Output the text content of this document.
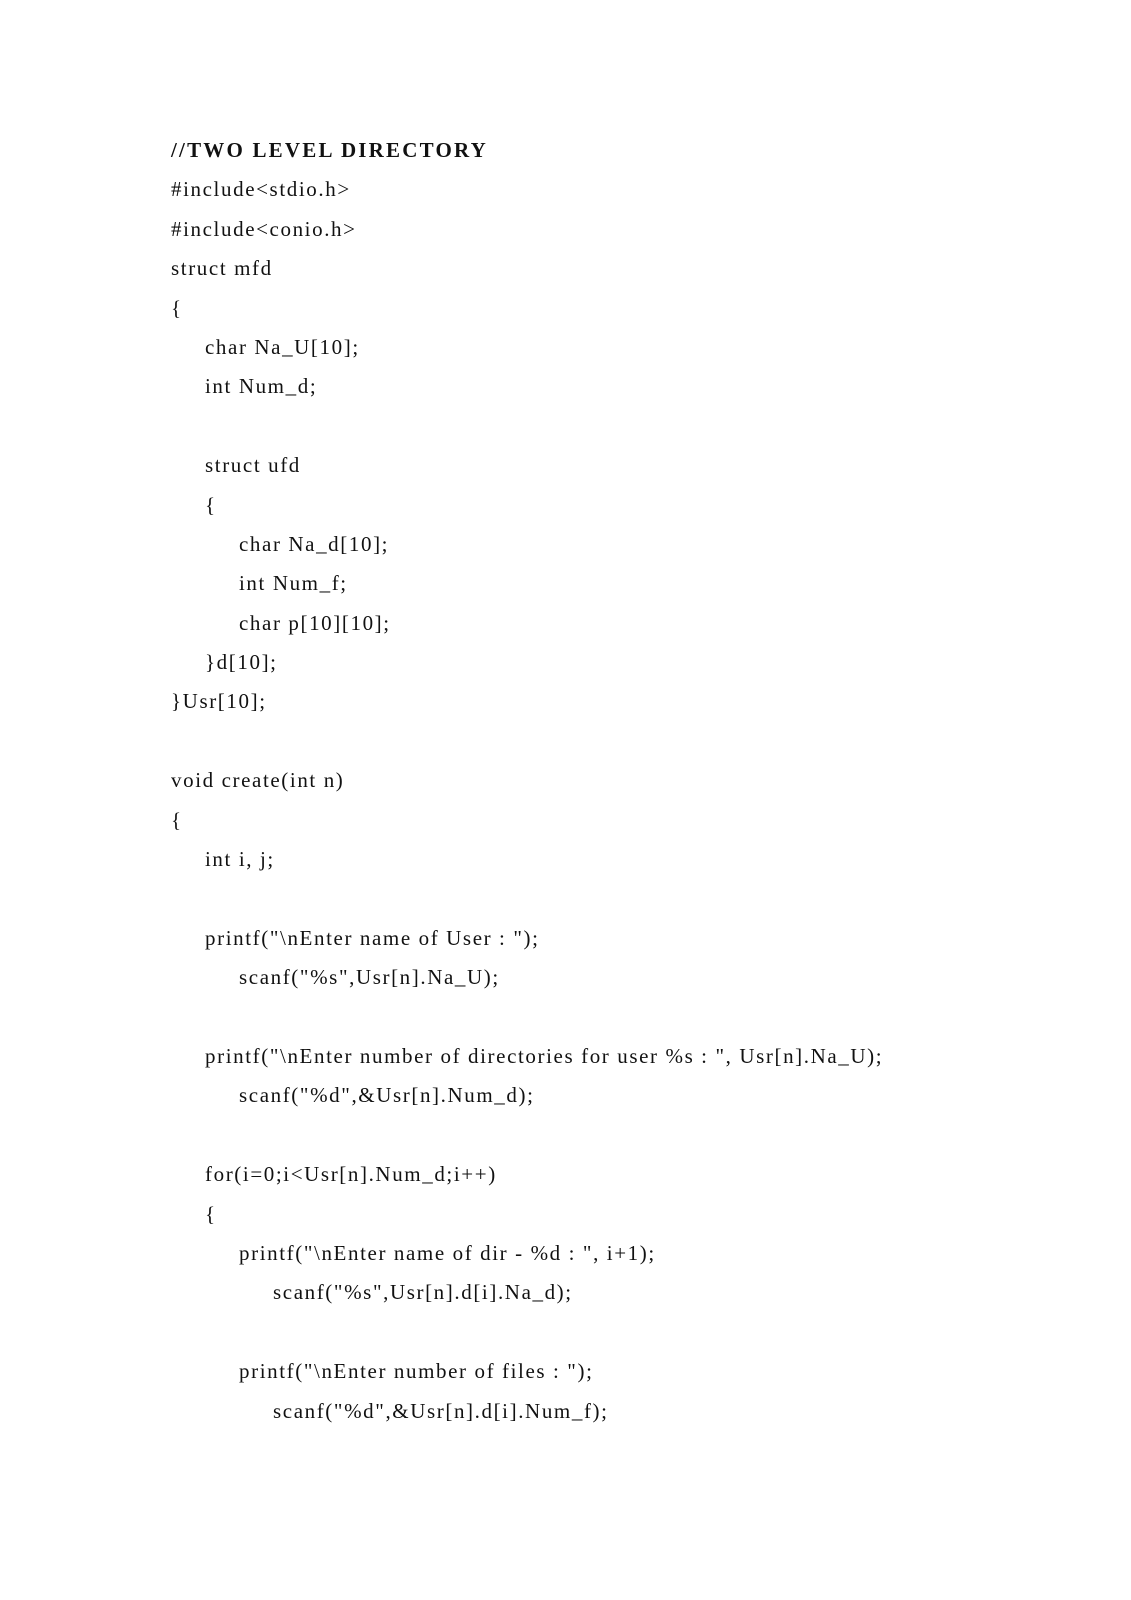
//TWO LEVEL DIRECTORY
#include<stdio.h>
#include<conio.h>
struct mfd
{
char Na_U[10];
int Num_d;
struct ufd
{
char Na_d[10];
int Num_f;
char p[10][10];
}d[10];
}Usr[10];
void create(int n)
{
int i, j;
printf("\nEnter name of User : ");
scanf("%s",Usr[n].Na_U);
printf("\nEnter number of directories for user %s : ", Usr[n].Na_U);
scanf("%d",&Usr[n].Num_d);
for(i=0;i<Usr[n].Num_d;i++)
{
printf("\nEnter name of dir - %d : ", i+1);
scanf("%s",Usr[n].d[i].Na_d);
printf("\nEnter number of files : ");
scanf("%d",&Usr[n].d[i].Num_f);
